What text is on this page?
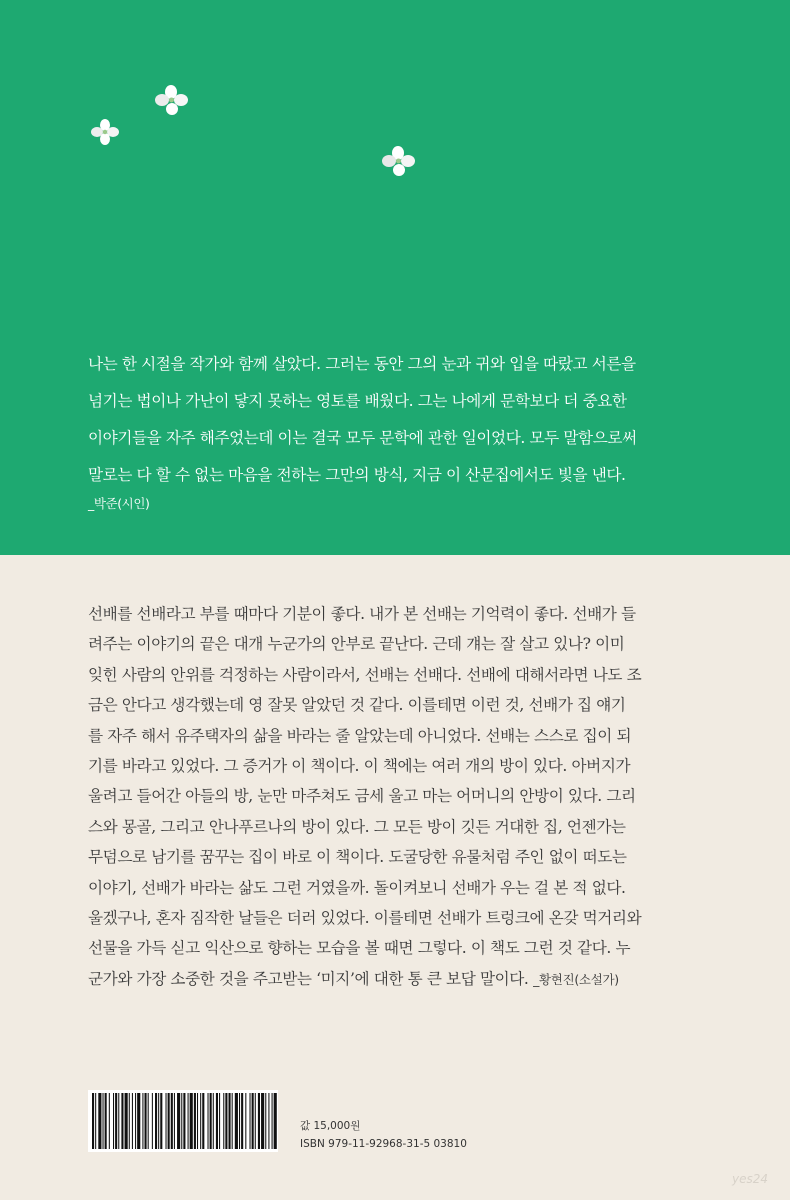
나는 한 시절을 작가와 함께 살았다. 그러는 동안 그의 눈과 귀와 입을 따랐고 서른을
넘기는 법이나 가난이 닿지 못하는 영토를 배웠다. 그는 나에게 문학보다 더 중요한
이야기들을 자주 해주었는데 이는 결국 모두 문학에 관한 일이었다. 모두 말함으로써
말로는 다 할 수 없는 마음을 전하는 그만의 방식, 지금 이 산문집에서도 빛을 낸다.
_박준(시인)
선배를 선배라고 부를 때마다 기분이 좋다. 내가 본 선배는 기억력이 좋다. 선배가 들
려주는 이야기의 끝은 대개 누군가의 안부로 끝난다. 근데 걔는 잘 살고 있나? 이미
잊힌 사람의 안위를 걱정하는 사람이라서, 선배는 선배다. 선배에 대해서라면 나도 조
금은 안다고 생각했는데 영 잘못 알았던 것 같다. 이를테면 이런 것, 선배가 집 얘기
를 자주 해서 유주택자의 삶을 바라는 줄 알았는데 아니었다. 선배는 스스로 집이 되
기를 바라고 있었다. 그 증거가 이 책이다. 이 책에는 여러 개의 방이 있다. 아버지가
울려고 들어간 아들의 방, 눈만 마주쳐도 금세 울고 마는 어머니의 안방이 있다. 그리
스와 몽골, 그리고 안나푸르나의 방이 있다. 그 모든 방이 깃든 거대한 집, 언젠가는
무덤으로 남기를 꿈꾸는 집이 바로 이 책이다. 도굴당한 유물처럼 주인 없이 떠도는
이야기, 선배가 바라는 삶도 그런 거였을까. 돌이켜보니 선배가 우는 걸 본 적 없다.
울겠구나, 혼자 짐작한 날들은 더러 있었다. 이를테면 선배가 트렁크에 온갖 먹거리와
선물을 가득 싣고 익산으로 향하는 모습을 볼 때면 그렇다. 이 책도 그런 것 같다. 누
군가와 가장 소중한 것을 주고받는 ‘미지’에 대한 통 큰 보답 말이다. _황현진(소설가)
값 15,000원
ISBN 979-11-92968-31-5 03810
yes24
